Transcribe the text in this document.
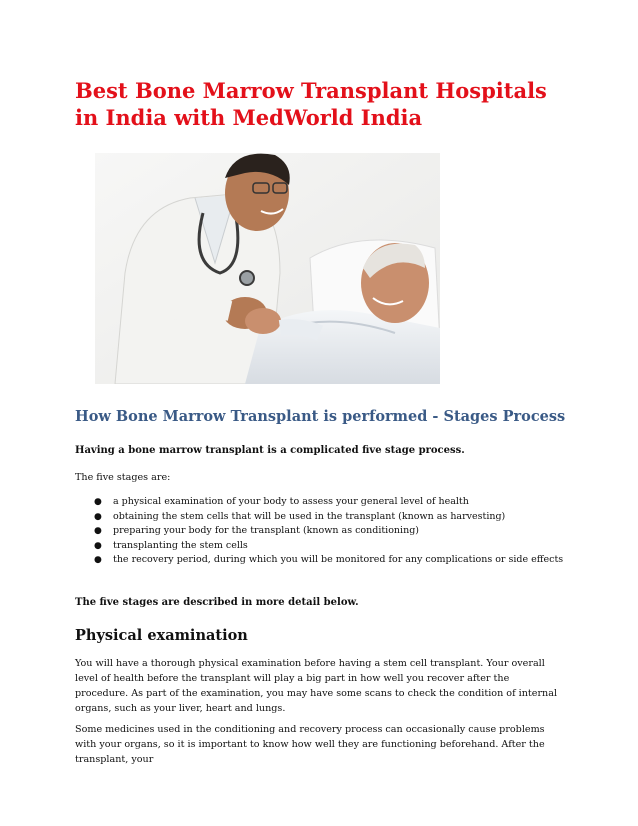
Best Bone Marrow Transplant Hospitals in India with MedWorld India
How Bone Marrow Transplant is performed - Stages Process

Having a bone marrow transplant is a complicated five stage process.

The five stages are:

● a physical examination of your body to assess your general level of health
● obtaining the stem cells that will be used in the transplant (known as harvesting)
● preparing your body for the transplant (known as conditioning)
● transplanting the stem cells
● the recovery period, during which you will be monitored for any complications or side effects

The five stages are described in more detail below.

Physical examination

You will have a thorough physical examination before having a stem cell transplant. Your overall level of health before the transplant will play a big part in how well you recover after the procedure. As part of the examination, you may have some scans to check the condition of internal organs, such as your liver, heart and lungs.

Some medicines used in the conditioning and recovery process can occasionally cause problems with your organs, so it is important to know how well they are functioning beforehand. After the transplant, your
